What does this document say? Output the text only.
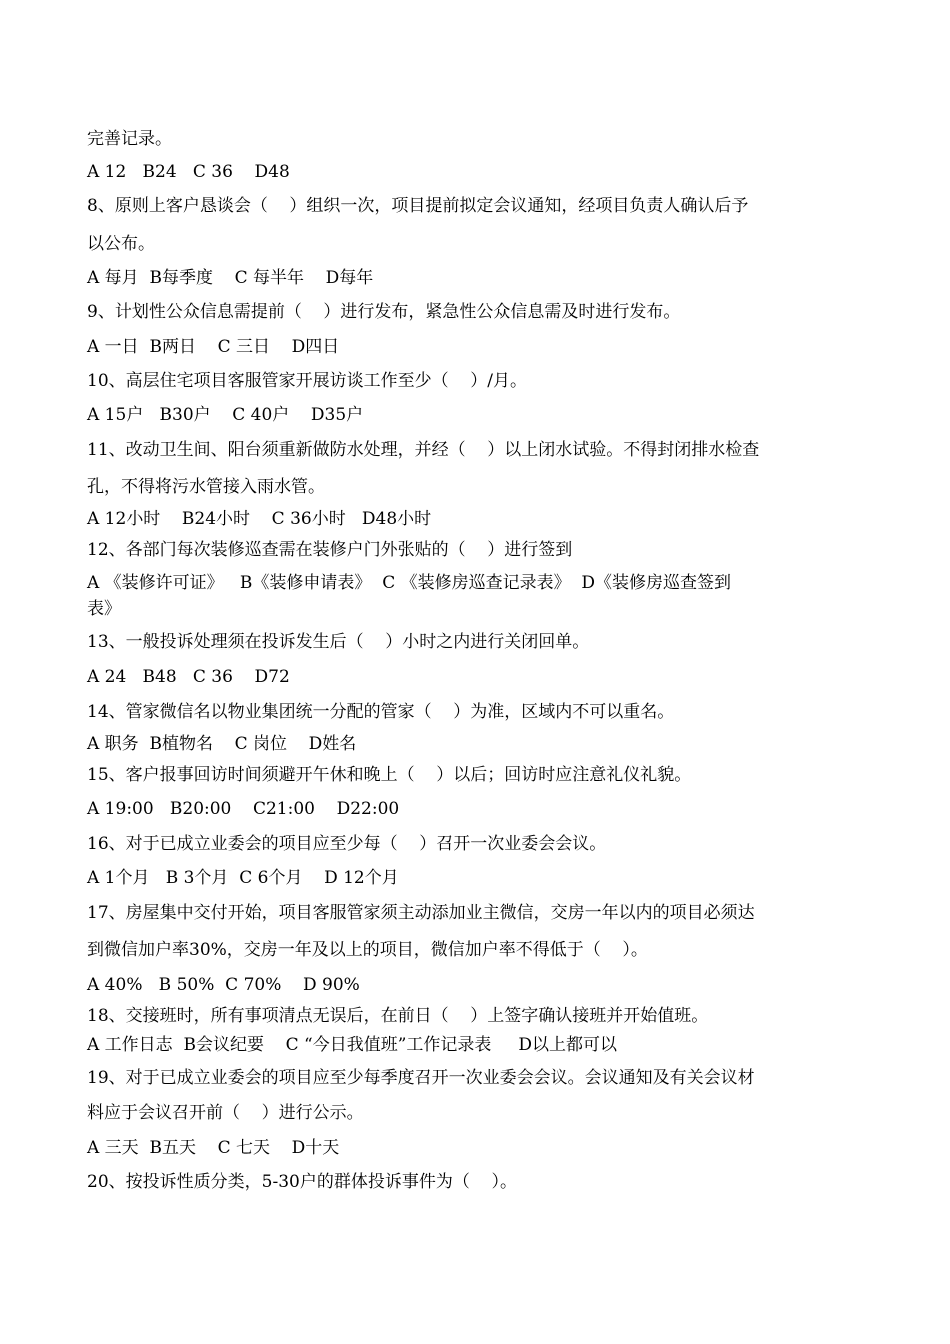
完善记录。
A 12   B24   C 36    D48
8、原则上客户恳谈会（    ）组织一次，项目提前拟定会议通知，经项目负责人确认后予
以公布。
A 每月  B每季度    C 每半年    D每年
9、计划性公众信息需提前（    ）进行发布，紧急性公众信息需及时进行发布。
A 一日  B两日    C 三日    D四日
10、高层住宅项目客服管家开展访谈工作至少（    ）/月。
A 15户   B30户    C 40户    D35户
11、改动卫生间、阳台须重新做防水处理，并经（    ）以上闭水试验。不得封闭排水检查
孔，不得将污水管接入雨水管。
A 12小时    B24小时    C 36小时   D48小时
12、各部门每次装修巡查需在装修户门外张贴的（    ）进行签到
A 《装修许可证》   B《装修申请表》  C 《装修房巡查记录表》  D《装修房巡查签到
表》
13、一般投诉处理须在投诉发生后（    ）小时之内进行关闭回单。
A 24   B48   C 36    D72
14、管家微信名以物业集团统一分配的管家（    ）为准，区域内不可以重名。
A 职务  B植物名    C 岗位    D姓名
15、客户报事回访时间须避开午休和晚上（    ）以后；回访时应注意礼仪礼貌。
A 19:00   B20:00    C21:00    D22:00
16、对于已成立业委会的项目应至少每（    ）召开一次业委会会议。
A 1个月   B 3个月  C 6个月    D 12个月
17、房屋集中交付开始，项目客服管家须主动添加业主微信，交房一年以内的项目必须达
到微信加户率30%，交房一年及以上的项目，微信加户率不得低于（    ）。
A 40%   B 50%  C 70%    D 90%
18、交接班时，所有事项清点无误后，在前日（    ）上签字确认接班并开始值班。
A 工作日志  B会议纪要    C “今日我值班”工作记录表     D以上都可以
19、对于已成立业委会的项目应至少每季度召开一次业委会会议。会议通知及有关会议材
料应于会议召开前（    ）进行公示。
A 三天  B五天    C 七天    D十天
20、按投诉性质分类，5-30户的群体投诉事件为（    ）。
